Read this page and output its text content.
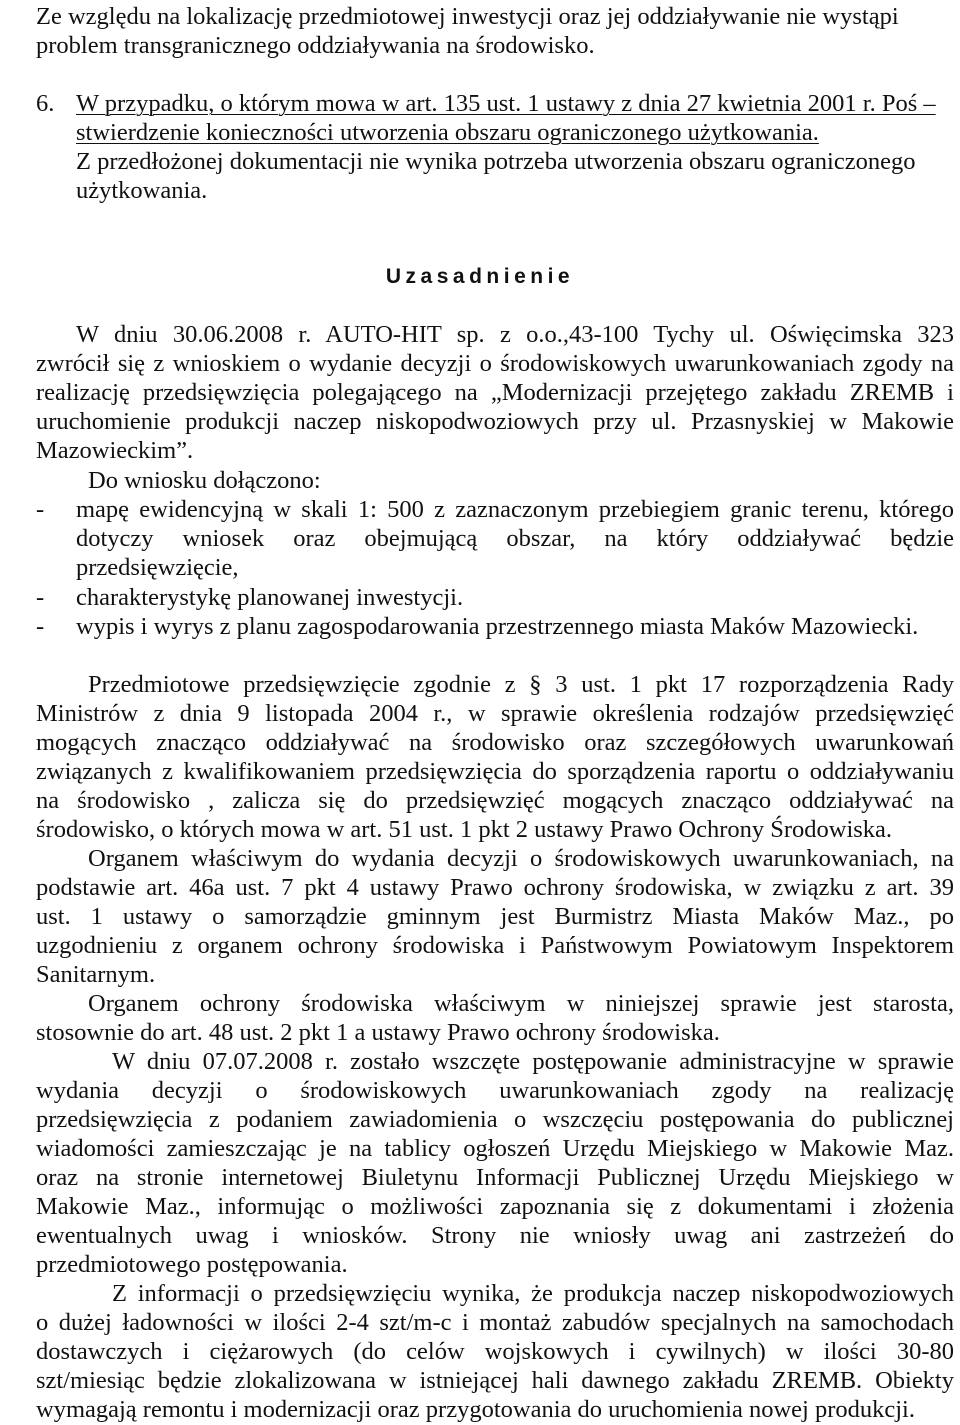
Ze względu na lokalizację przedmiotowej inwestycji oraz jej oddziaływanie nie wystąpi
problem transgranicznego oddziaływania na środowisko.
6. W przypadku, o którym mowa w art. 135 ust. 1 ustawy z dnia 27 kwietnia 2001 r. Poś –
stwierdzenie konieczności utworzenia obszaru ograniczonego użytkowania.
Z przedłożonej dokumentacji nie wynika potrzeba utworzenia obszaru ograniczonego
użytkowania.
Uzasadnienie
W dniu 30.06.2008 r. AUTO-HIT sp. z o.o.,43-100 Tychy ul. Oświęcimska 323
zwrócił się z wnioskiem o wydanie decyzji o środowiskowych uwarunkowaniach zgody na
realizację przedsięwzięcia polegającego na „Modernizacji przejętego zakładu ZREMB i
uruchomienie produkcji naczep niskopodwoziowych przy ul. Przasnyskiej w Makowie
Mazowieckim”.
Do wniosku dołączono:
- mapę ewidencyjną w skali 1: 500 z zaznaczonym przebiegiem granic terenu, którego
dotyczy wniosek oraz obejmującą obszar, na który oddziaływać będzie
przedsięwzięcie,
- charakterystykę planowanej inwestycji.
- wypis i wyrys z planu zagospodarowania przestrzennego miasta Maków Mazowiecki.
Przedmiotowe przedsięwzięcie zgodnie z § 3 ust. 1 pkt 17 rozporządzenia Rady
Ministrów z dnia 9 listopada 2004 r., w sprawie określenia rodzajów przedsięwzięć
mogących znacząco oddziaływać na środowisko oraz szczegółowych uwarunkowań
związanych z kwalifikowaniem przedsięwzięcia do sporządzenia raportu o oddziaływaniu
na środowisko , zalicza się do przedsięwzięć mogących znacząco oddziaływać na
środowisko, o których mowa w art. 51 ust. 1 pkt 2 ustawy Prawo Ochrony Środowiska.
Organem właściwym do wydania decyzji o środowiskowych uwarunkowaniach, na
podstawie art. 46a ust. 7 pkt 4 ustawy Prawo ochrony środowiska, w związku z art. 39
ust. 1 ustawy o samorządzie gminnym jest Burmistrz Miasta Maków Maz., po
uzgodnieniu z organem ochrony środowiska i Państwowym Powiatowym Inspektorem
Sanitarnym.
Organem ochrony środowiska właściwym w niniejszej sprawie jest starosta,
stosownie do art. 48 ust. 2 pkt 1 a ustawy Prawo ochrony środowiska.
W dniu 07.07.2008 r. zostało wszczęte postępowanie administracyjne w sprawie
wydania decyzji o środowiskowych uwarunkowaniach zgody na realizację
przedsięwzięcia z podaniem zawiadomienia o wszczęciu postępowania do publicznej
wiadomości zamieszczając je na tablicy ogłoszeń Urzędu Miejskiego w Makowie Maz.
oraz na stronie internetowej Biuletynu Informacji Publicznej Urzędu Miejskiego w
Makowie Maz., informując o możliwości zapoznania się z dokumentami i złożenia
ewentualnych uwag i wniosków. Strony nie wniosły uwag ani zastrzeżeń do
przedmiotowego postępowania.
Z informacji o przedsięwzięciu wynika, że produkcja naczep niskopodwoziowych
o dużej ładowności w ilości 2-4 szt/m-c i montaż zabudów specjalnych na samochodach
dostawczych i ciężarowych (do celów wojskowych i cywilnych) w ilości 30-80
szt/miesiąc będzie zlokalizowana w istniejącej hali dawnego zakładu ZREMB. Obiekty
wymagają remontu i modernizacji oraz przygotowania do uruchomienia nowej produkcji.
